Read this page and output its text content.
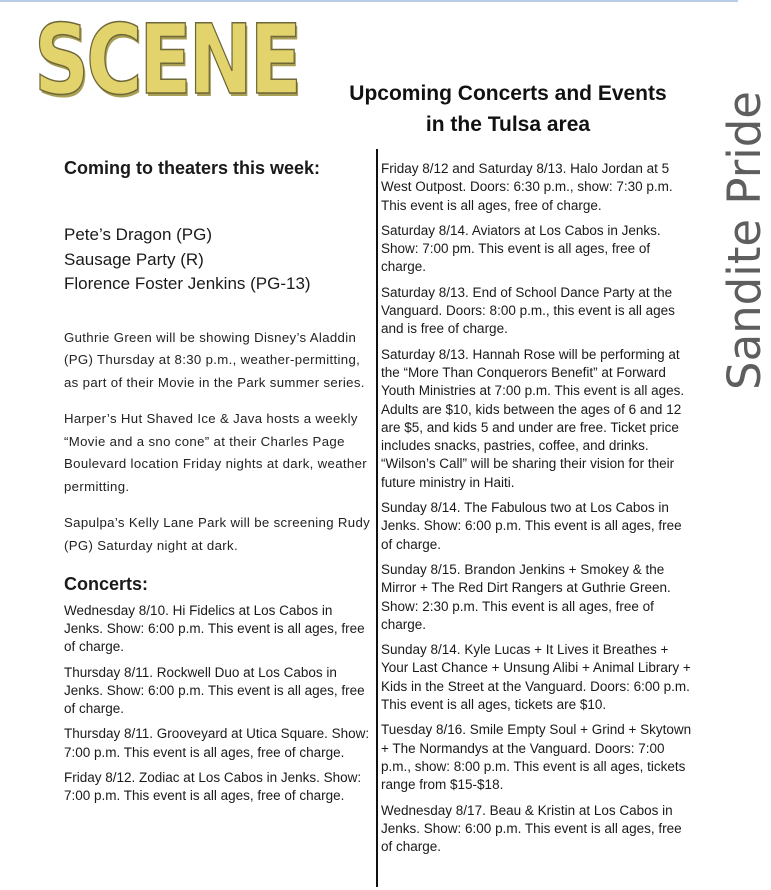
SCENE	Upcoming Concerts and Events
in the Tulsa area	Sandite Pride
Coming to theaters this week:
Pete’s Dragon (PG)
Sausage Party (R)
Florence Foster Jenkins (PG-13)
Guthrie Green will be showing Disney’s Aladdin (PG) Thursday at 8:30 p.m., weather-permitting, as part of their Movie in the Park summer series.
Harper’s Hut Shaved Ice & Java hosts a weekly “Movie and a sno cone” at their Charles Page Boulevard location Friday nights at dark, weather permitting.
Sapulpa’s Kelly Lane Park will be screening Rudy (PG) Saturday night at dark.
Concerts:
Wednesday 8/10. Hi Fidelics at Los Cabos in Jenks. Show: 6:00 p.m. This event is all ages, free of charge.
Thursday 8/11. Rockwell Duo at Los Cabos in Jenks. Show: 6:00 p.m. This event is all ages, free of charge.
Thursday 8/11. Grooveyard at Utica Square. Show: 7:00 p.m. This event is all ages, free of charge.
Friday 8/12. Zodiac at Los Cabos in Jenks. Show: 7:00 p.m. This event is all ages, free of charge.
Friday 8/12 and Saturday 8/13. Halo Jordan at 5 West Outpost. Doors: 6:30 p.m., show: 7:30 p.m. This event is all ages, free of charge.
Saturday 8/14. Aviators at Los Cabos in Jenks. Show: 7:00 pm. This event is all ages, free of charge.
Saturday 8/13. End of School Dance Party at the Vanguard. Doors: 8:00 p.m., this event is all ages and is free of charge.
Saturday 8/13. Hannah Rose will be performing at the “More Than Conquerors Benefit” at Forward Youth Ministries at 7:00 p.m. This event is all ages. Adults are $10, kids between the ages of 6 and 12 are $5, and kids 5 and under are free. Ticket price includes snacks, pastries, coffee, and drinks. “Wilson’s Call” will be sharing their vision for their future ministry in Haiti.
Sunday 8/14. The Fabulous two at Los Cabos in Jenks. Show: 6:00 p.m. This event is all ages, free of charge.
Sunday 8/15. Brandon Jenkins + Smokey & the Mirror + The Red Dirt Rangers at Guthrie Green. Show: 2:30 p.m. This event is all ages, free of charge.
Sunday 8/14. Kyle Lucas + It Lives it Breathes + Your Last Chance + Unsung Alibi + Animal Library + Kids in the Street at the Vanguard. Doors: 6:00 p.m. This event is all ages, tickets are $10.
Tuesday 8/16. Smile Empty Soul + Grind + Skytown + The Normandys at the Vanguard. Doors: 7:00 p.m., show: 8:00 p.m. This event is all ages, tickets range from $15-$18.
Wednesday 8/17. Beau & Kristin at Los Cabos in Jenks. Show: 6:00 p.m. This event is all ages, free of charge.
